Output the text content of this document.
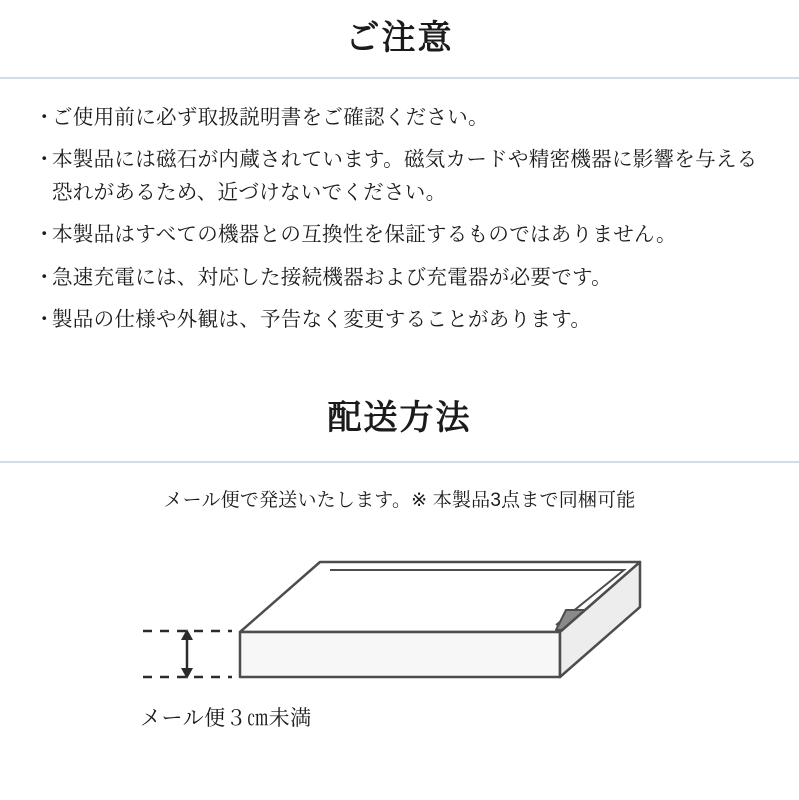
ご注意
・
ご使用前に必ず取扱説明書をご確認ください。
・
本製品には磁石が内蔵されています。磁気カードや精密機器に影響を与える恐れがあるため、近づけないでください。
・
本製品はすべての機器との互換性を保証するものではありません。
・
急速充電には、対応した接続機器および充電器が必要です。
・
製品の仕様や外観は、予告なく変更することがあります。
配送方法
メール便で発送いたします。※ 本製品3点まで同梱可能
メール便３㎝未満
